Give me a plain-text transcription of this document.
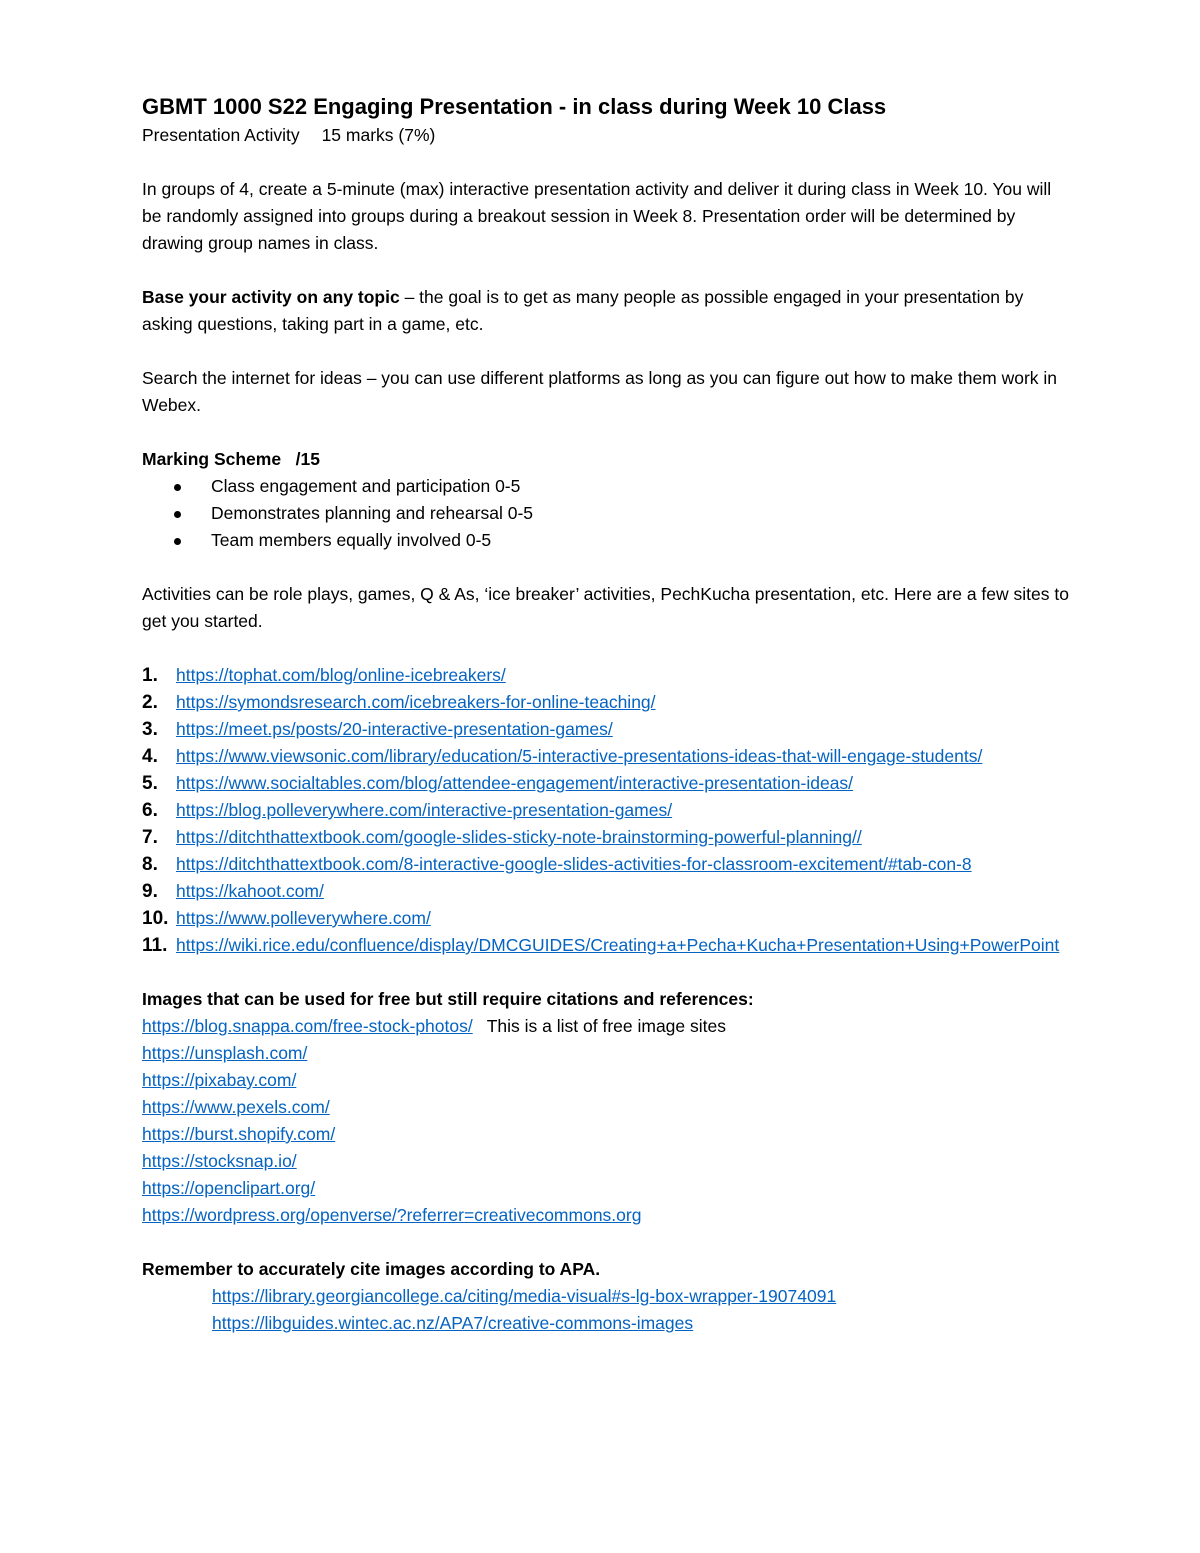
GBMT 1000 S22 Engaging Presentation - in class during Week 10 Class
Presentation Activity 15 marks (7%)

In groups of 4, create a 5-minute (max) interactive presentation activity and deliver it during class in Week 10. You will be randomly assigned into groups during a breakout session in Week 8. Presentation order will be determined by drawing group names in class.

Base your activity on any topic – the goal is to get as many people as possible engaged in your presentation by asking questions, taking part in a game, etc.

Search the internet for ideas – you can use different platforms as long as you can figure out how to make them work in Webex.

Marking Scheme /15
Class engagement and participation 0-5
Demonstrates planning and rehearsal 0-5
Team members equally involved 0-5

Activities can be role plays, games, Q & As, ‘ice breaker’ activities, PechKucha presentation, etc. Here are a few sites to get you started.

1. https://tophat.com/blog/online-icebreakers/
2. https://symondsresearch.com/icebreakers-for-online-teaching/
3. https://meet.ps/posts/20-interactive-presentation-games/
4. https://www.viewsonic.com/library/education/5-interactive-presentations-ideas-that-will-engage-students/
5. https://www.socialtables.com/blog/attendee-engagement/interactive-presentation-ideas/
6. https://blog.polleverywhere.com/interactive-presentation-games/
7. https://ditchthattextbook.com/google-slides-sticky-note-brainstorming-powerful-planning//
8. https://ditchthattextbook.com/8-interactive-google-slides-activities-for-classroom-excitement/#tab-con-8
9. https://kahoot.com/
10. https://www.polleverywhere.com/
11. https://wiki.rice.edu/confluence/display/DMCGUIDES/Creating+a+Pecha+Kucha+Presentation+Using+PowerPoint
Images that can be used for free but still require citations and references:
https://blog.snappa.com/free-stock-photos/ This is a list of free image sites
https://unsplash.com/
https://pixabay.com/
https://www.pexels.com/
https://burst.shopify.com/
https://stocksnap.io/
https://openclipart.org/
https://wordpress.org/openverse/?referrer=creativecommons.org
Remember to accurately cite images according to APA.
https://library.georgiancollege.ca/citing/media-visual#s-lg-box-wrapper-19074091
https://libguides.wintec.ac.nz/APA7/creative-commons-images
